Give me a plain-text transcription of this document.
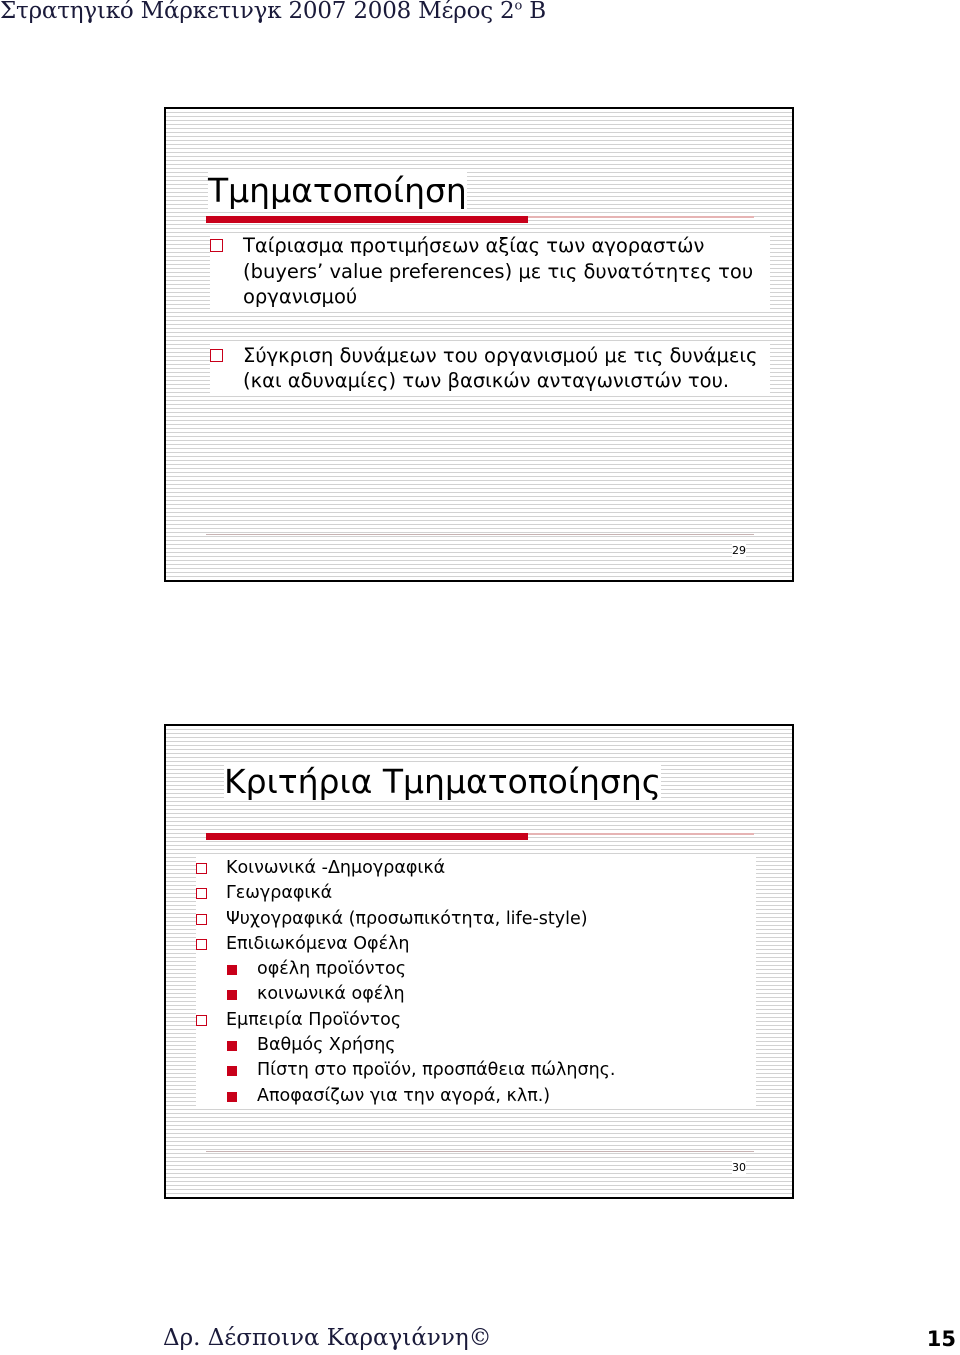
Στρατηγικό Μάρκετινγκ 2007 2008 Μέρος $2^o$ Β
Τμηματοποίηση
Ταίριασμα προτιμήσεων αξίας των αγοραστών (buyers’ value preferences) με τις δυνατότητες του οργανισμού
Σύγκριση δυνάμεων του οργανισμού με τις δυνάμεις (και αδυναμίες) των βασικών ανταγωνιστών του.
29
Κριτήρια Τμηματοποίησης
Κοινωνικά -Δημογραφικά
Γεωγραφικά
Ψυχογραφικά (προσωπικότητα, life-style)
Επιδιωκόμενα Οφέλη
οφέλη προϊόντος
κοινωνικά οφέλη
Εμπειρία Προϊόντος
Βαθμός Χρήσης
Πίστη στο προϊόν, προσπάθεια πώλησης.
Αποφασίζων για την αγορά, κλπ.)
30
Δρ. Δέσποινα Καραγιάννη©	15
